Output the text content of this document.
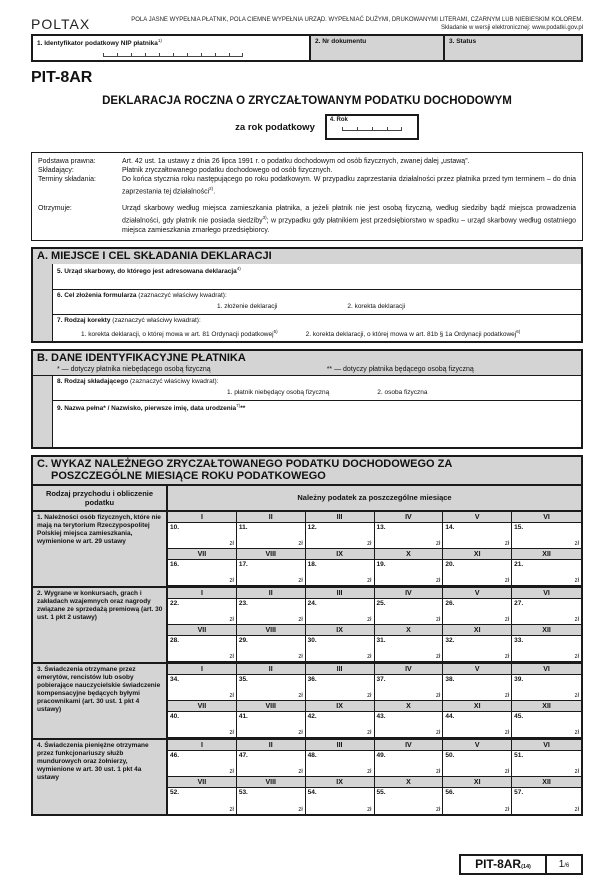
POLTAX	POLA JASNE WYPEŁNIA PŁATNIK, POLA CIEMNE WYPEŁNIA URZĄD. WYPEŁNIAĆ DUŻYMI, DRUKOWANYMI LITERAMI, CZARNYM LUB NIEBIESKIM KOLOREM.
Składanie w wersji elektronicznej: www.podatki.gov.pl
1. Identyfikator podatkowy NIP płatnika$^{1)}$	2. Nr dokumentu	3. Status
PIT-8AR
DEKLARACJA ROCZNA O ZRYCZAŁTOWANYM PODATKU DOCHODOWYM
za rok podatkowy
4. Rok
Podstawa prawna:	Art. 42 ust. 1a ustawy z dnia 26 lipca 1991 r. o podatku dochodowym od osób fizycznych, zwanej dalej „ustawą”.
Składający:	Płatnik zryczałtowanego podatku dochodowego od osób fizycznych.
Terminy składania:	Do końca stycznia roku następującego po roku podatkowym. W przypadku zaprzestania działalności przez płatnika przed tym terminem – do dnia zaprzestania tej działalności$^{2)}$.
Otrzymuje:	Urząd skarbowy według miejsca zamieszkania płatnika, a jeżeli płatnik nie jest osobą fizyczną, według siedziby bądź miejsca prowadzenia działalności, gdy płatnik nie posiada siedziby$^{3)}$; w przypadku gdy płatnikiem jest przedsiębiorstwo w spadku – urząd skarbowy według ostatniego miejsca zamieszkania zmarłego przedsiębiorcy.
A. MIEJSCE I CEL SKŁADANIA DEKLARACJI
5. Urząd skarbowy, do którego jest adresowana deklaracja$^{4)}$
6. Cel złożenia formularza (zaznaczyć właściwy kwadrat):
1. złożenie deklaracji	2. korekta deklaracji
7. Rodzaj korekty (zaznaczyć właściwy kwadrat):
1. korekta deklaracji, o której mowa w art. 81 Ordynacji podatkowej$^{5)}$	2. korekta deklaracji, o której mowa w art. 81b § 1a Ordynacji podatkowej$^{6)}$
B. DANE IDENTYFIKACYJNE PŁATNIKA
* — dotyczy płatnika niebędącego osobą fizyczną	** — dotyczy płatnika będącego osobą fizyczną
8. Rodzaj składającego (zaznaczyć właściwy kwadrat):
1. płatnik niebędący osobą fizyczną	2. osoba fizyczna
9. Nazwa pełna* / Nazwisko, pierwsze imię, data urodzenia$^{7)}$**
C. WYKAZ NALEŻNEGO ZRYCZAŁTOWANEGO PODATKU DOCHODOWEGO ZA POSZCZEGÓLNE MIESIĄCE ROKU PODATKOWEGO
Rodzaj przychodu i obliczenie podatku	Należny podatek za poszczególne miesiące
1. Należności osób fizycznych, które nie mają na terytorium Rzeczypospolitej Polskiej miejsca zamieszkania, wymienione w art. 29 ustawy
I	II	III	IV	V	VI
10.
zł
11.
zł
12.
zł
13.
zł
14.
zł
15.
zł
VII	VIII	IX	X	XI	XII
16.
zł
17.
zł
18.
zł
19.
zł
20.
zł
21.
zł
2. Wygrane w konkursach, grach i zakładach wzajemnych oraz nagrody związane ze sprzedażą premiową (art. 30 ust. 1 pkt 2 ustawy)
I	II	III	IV	V	VI
22.
zł
23.
zł
24.
zł
25.
zł
26.
zł
27.
zł
VII	VIII	IX	X	XI	XII
28.
zł
29.
zł
30.
zł
31.
zł
32.
zł
33.
zł
3. Świadczenia otrzymane przez emerytów, rencistów lub osoby pobierające nauczycielskie świadczenie kompensacyjne będących byłymi pracownikami (art. 30 ust. 1 pkt 4 ustawy)
I	II	III	IV	V	VI
34.
zł
35.
zł
36.
zł
37.
zł
38.
zł
39.
zł
VII	VIII	IX	X	XI	XII
40.
zł
41.
zł
42.
zł
43.
zł
44.
zł
45.
zł
4. Świadczenia pieniężne otrzymane przez funkcjonariuszy służb mundurowych oraz żołnierzy, wymienione w art. 30 ust. 1 pkt 4a ustawy
I	II	III	IV	V	VI
46.
zł
47.
zł
48.
zł
49.
zł
50.
zł
51.
zł
VII	VIII	IX	X	XI	XII
52.
zł
53.
zł
54.
zł
55.
zł
56.
zł
57.
zł
PIT-8AR (14)	1 /6
